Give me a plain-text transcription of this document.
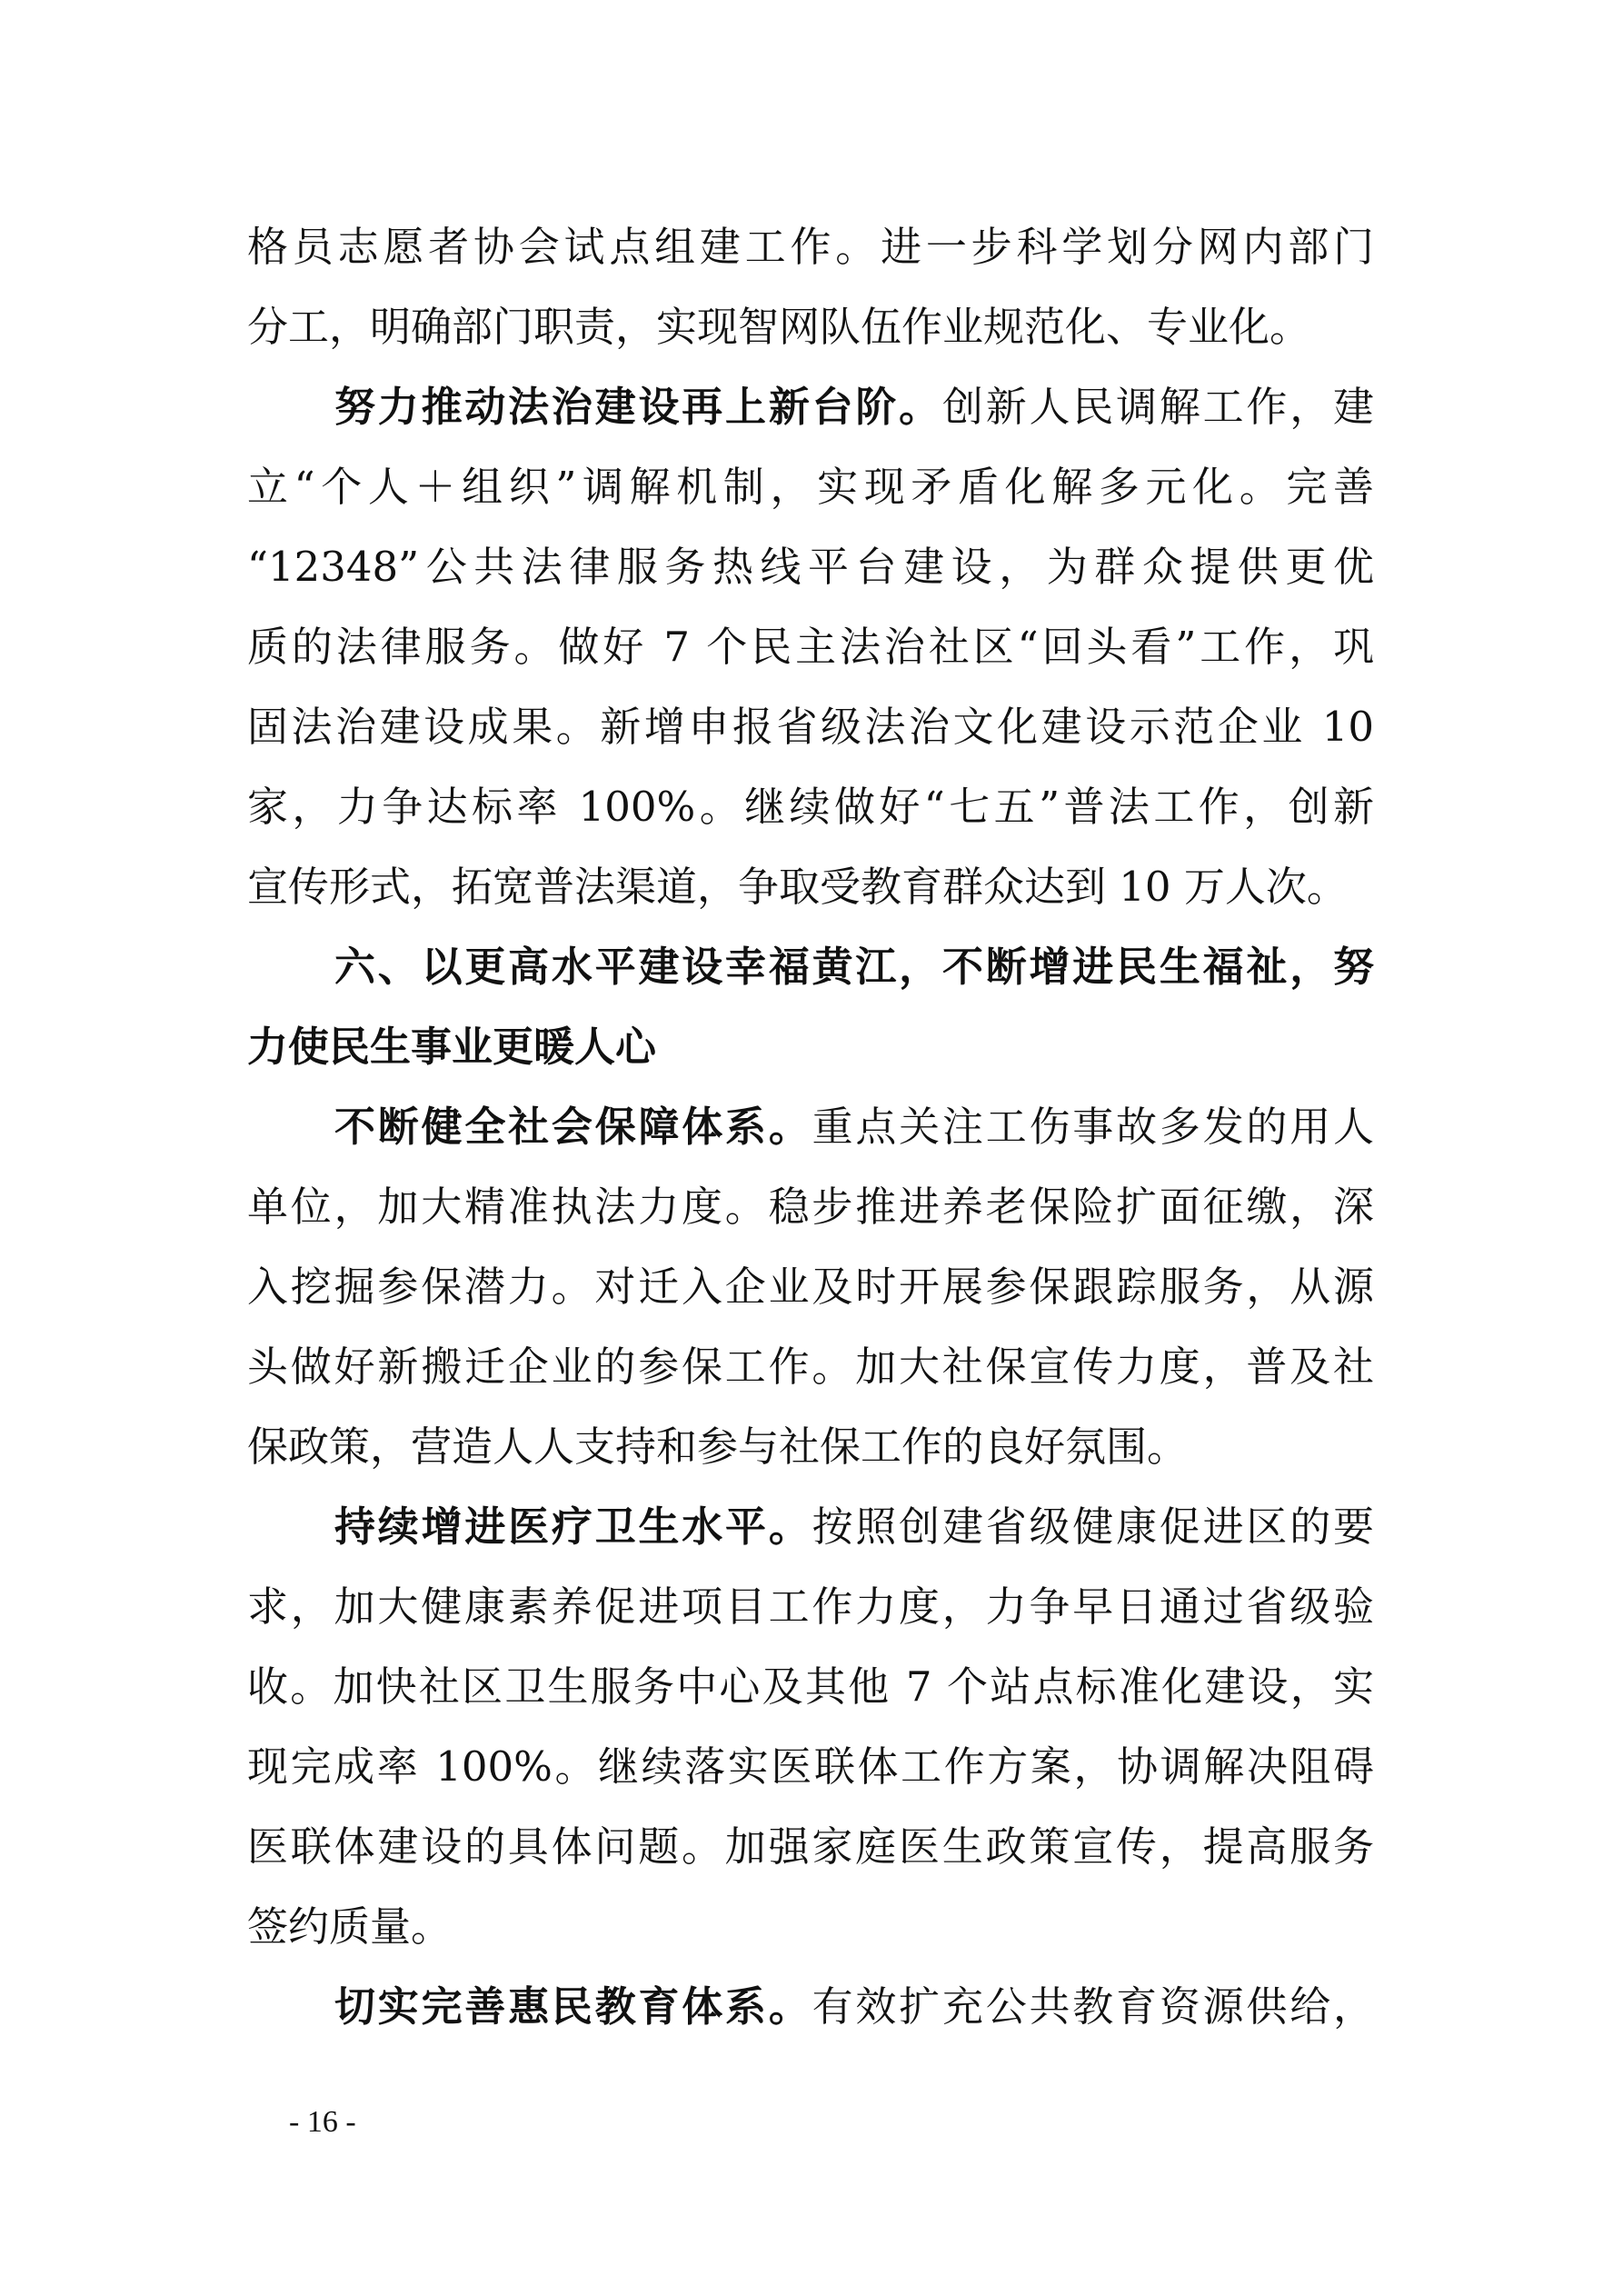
格员志愿者协会试点组建工作。进一步科学划分网内部门
分工，明确部门职责，实现智网队伍作业规范化、专业化。
努力推动法治建设再上新台阶。创新人民调解工作，建
立“个人＋组织”调解机制，实现矛盾化解多元化。完善
“12348”公共法律服务热线平台建设，为群众提供更优
质的法律服务。做好 7 个民主法治社区“回头看”工作，巩
固法治建设成果。新增申报省级法治文化建设示范企业 10
家，力争达标率 100%。继续做好“七五”普法工作，创新
宣传形式，拓宽普法渠道，争取受教育群众达到 10 万人次。
六、以更高水平建设幸福黄江，不断增进民生福祉，努
力使民生事业更暖人心
不断健全社会保障体系。重点关注工伤事故多发的用人
单位，加大精准执法力度。稳步推进养老保险扩面征缴，深
入挖掘参保潜力。对迁入企业及时开展参保跟踪服务，从源
头做好新搬迁企业的参保工作。加大社保宣传力度，普及社
保政策，营造人人支持和参与社保工作的良好氛围。
持续增进医疗卫生水平。按照创建省级健康促进区的要
求，加大健康素养促进项目工作力度，力争早日通过省级验
收。加快社区卫生服务中心及其他 7 个站点标准化建设，实
现完成率 100%。继续落实医联体工作方案，协调解决阻碍
医联体建设的具体问题。加强家庭医生政策宣传，提高服务
签约质量。
切实完善惠民教育体系。有效扩充公共教育资源供给，
- 16 -
